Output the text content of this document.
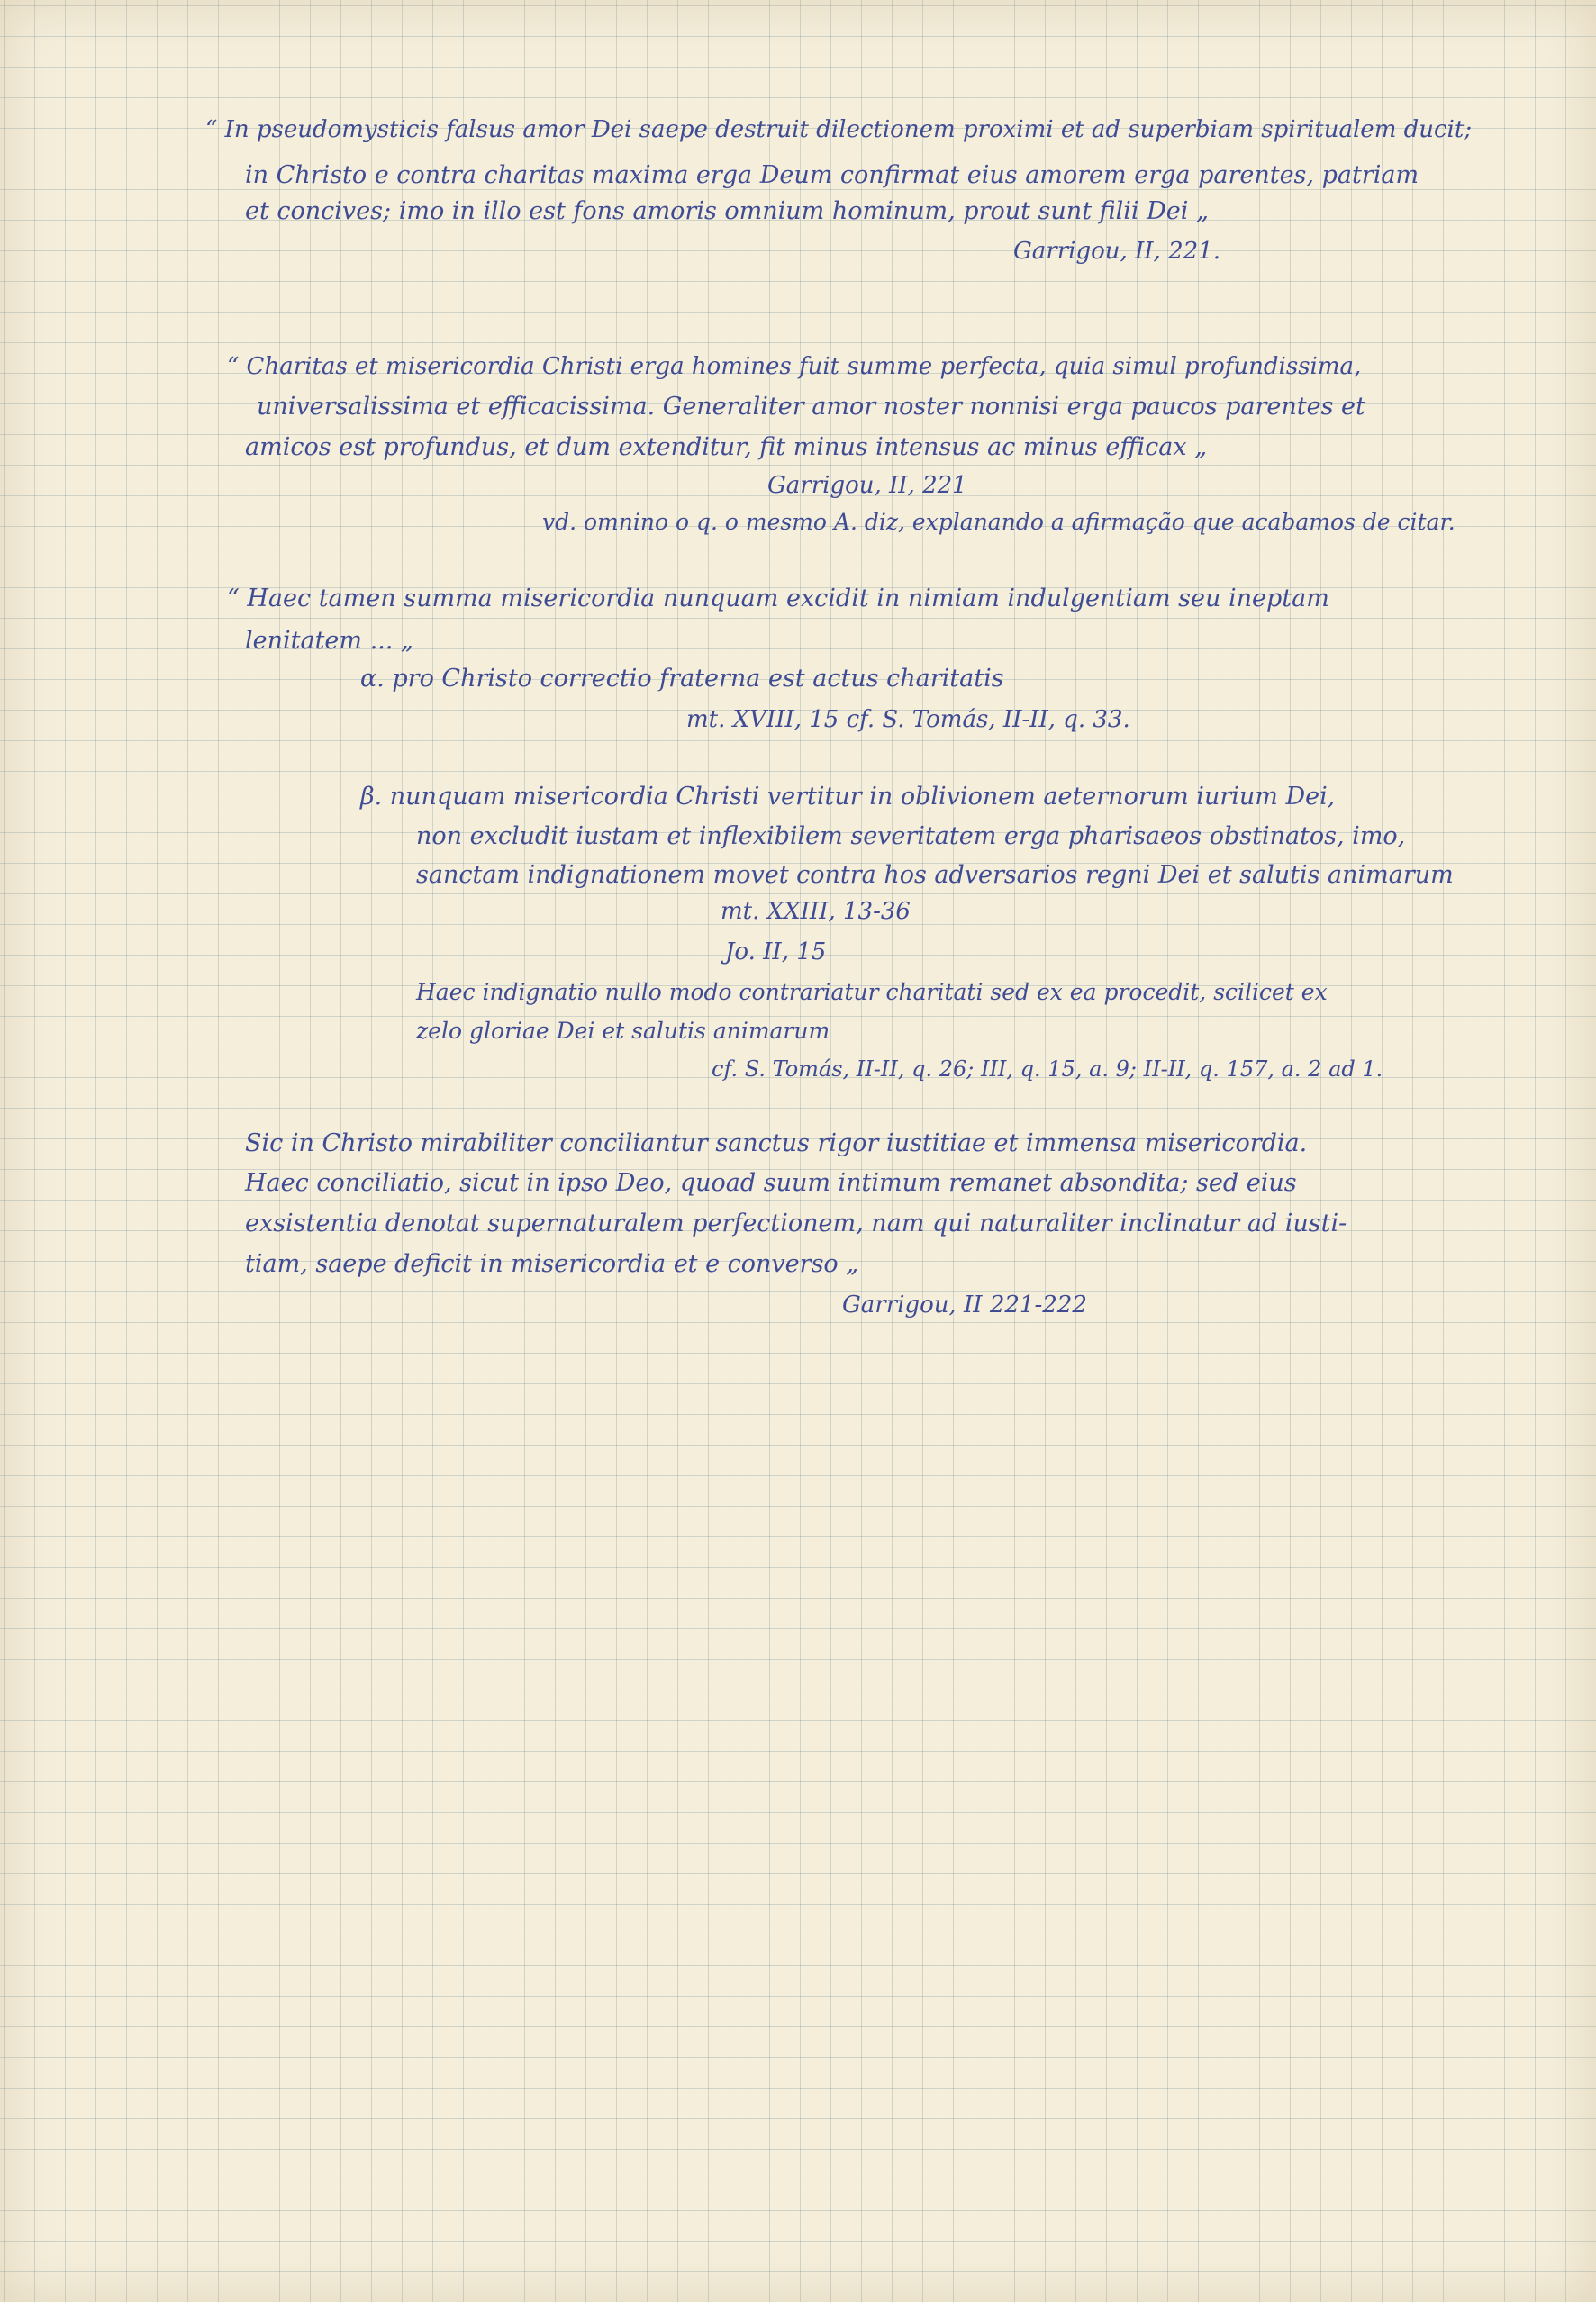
“ In pseudomysticis falsus amor Dei saepe destruit dilectionem proximi et ad superbiam spiritualem ducit;
in Christo e contra charitas maxima erga Deum confirmat eius amorem erga parentes, patriam
et concives; imo in illo est fons amoris omnium hominum, prout sunt filii Dei „
Garrigou, II, 221.
“ Charitas et misericordia Christi erga homines fuit summe perfecta, quia simul profundissima,
universalissima et efficacissima. Generaliter amor noster nonnisi erga paucos parentes et
amicos est profundus, et dum extenditur, fit minus intensus ac minus efficax „
Garrigou, II, 221
vd. omnino o q. o mesmo A. diz, explanando a afirmação que acabamos de citar.
“ Haec tamen summa misericordia nunquam excidit in nimiam indulgentiam seu ineptam
lenitatem ... „
α. pro Christo correctio fraterna est actus charitatis
mt. XVIII, 15 cf. S. Tomás, II-II, q. 33.
β. nunquam misericordia Christi vertitur in oblivionem aeternorum iurium Dei,
non excludit iustam et inflexibilem severitatem erga pharisaeos obstinatos, imo,
sanctam indignationem movet contra hos adversarios regni Dei et salutis animarum
mt. XXIII, 13-36
Jo. II, 15
Haec indignatio nullo modo contrariatur charitati sed ex ea procedit, scilicet ex
zelo gloriae Dei et salutis animarum
cf. S. Tomás, II-II, q. 26; III, q. 15, a. 9; II-II, q. 157, a. 2 ad 1.
Sic in Christo mirabiliter conciliantur sanctus rigor iustitiae et immensa misericordia.
Haec conciliatio, sicut in ipso Deo, quoad suum intimum remanet absondita; sed eius
exsistentia denotat supernaturalem perfectionem, nam qui naturaliter inclinatur ad iusti-
tiam, saepe deficit in misericordia et e converso „
Garrigou, II 221-222
